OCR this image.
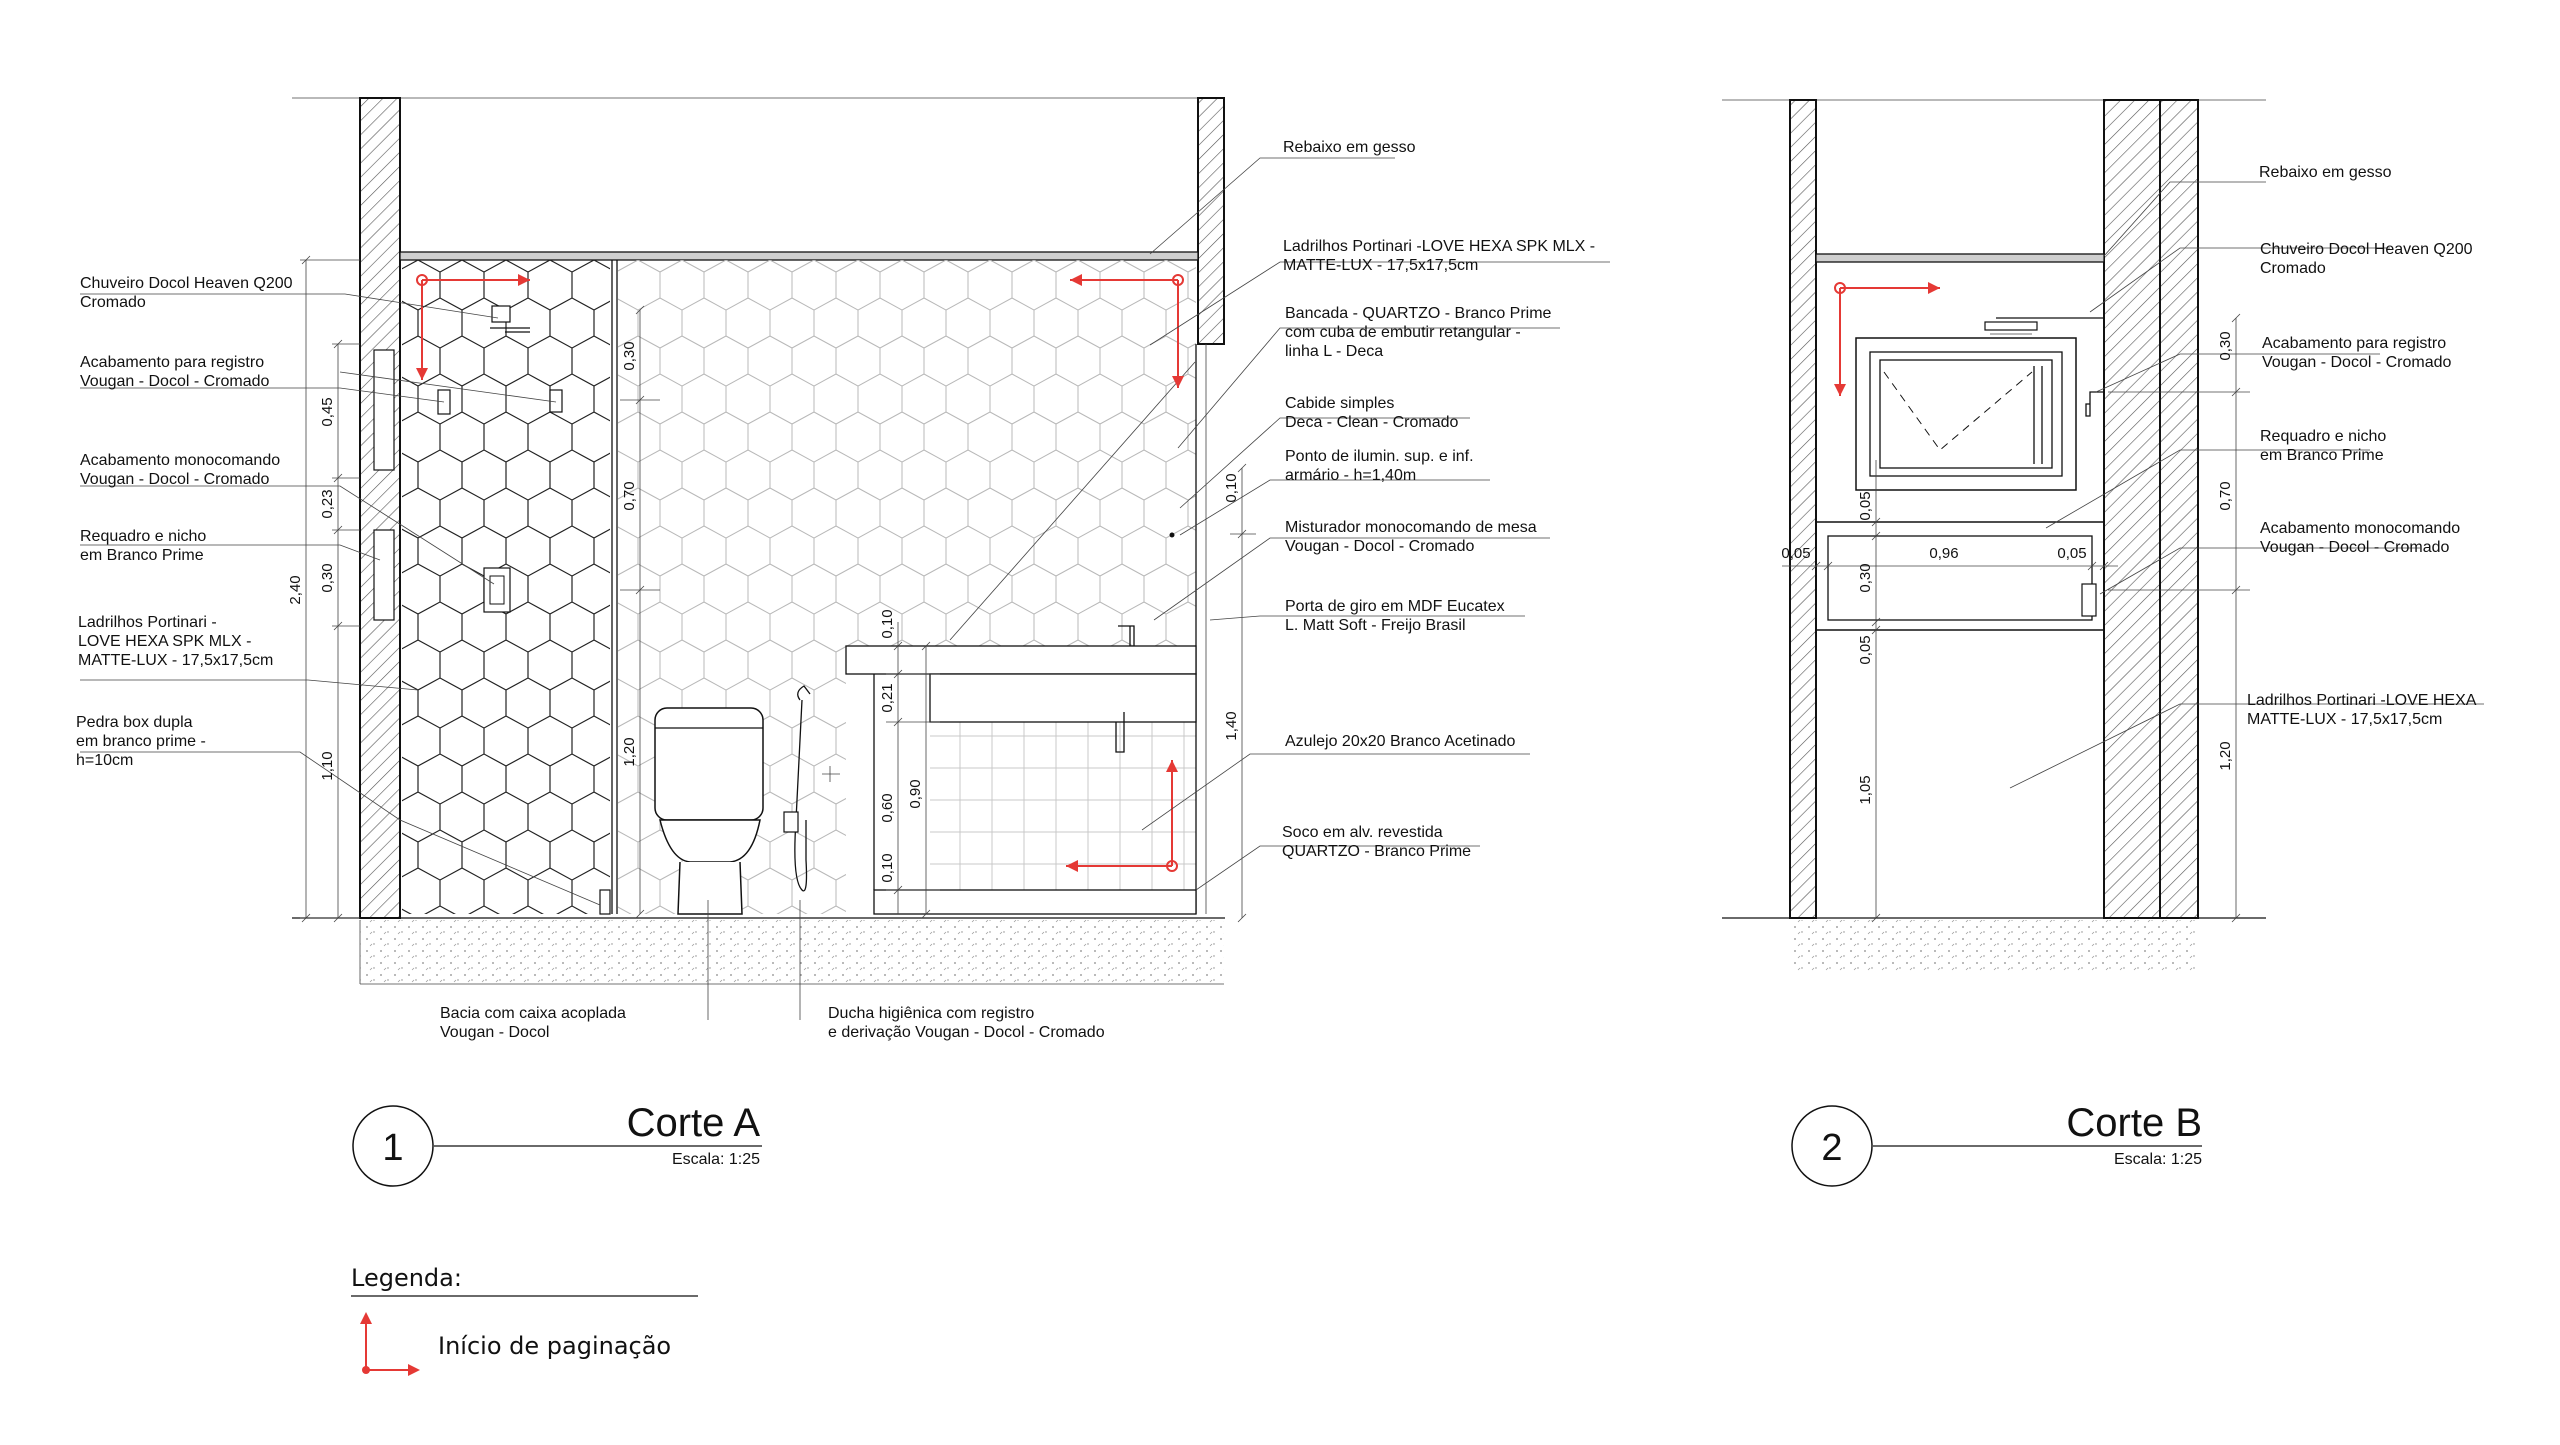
Chuveiro Docol Heaven Q200 Cromado
Acabamento para registro Vougan - Docol - Cromado
Acabamento monocomando Vougan - Docol - Cromado
Requadro e nicho em Branco Prime
Ladrilhos Portinari -LOVE HEXA SPK MLX -MATTE-LUX - 17,5x17,5cm
Pedra box dupla em branco prime -h=10cm
Rebaixo em gesso
Ladrilhos Portinari -LOVE HEXA SPK MLX -MATTE-LUX - 17,5x17,5cm
Bancada - QUARTZO - Branco Prime com cuba de embutir retangular -linha L - Deca
Cabide simples Deca - Clean - Cromado
Ponto de ilumin. sup. e inf. armário - h=1,40m
Misturador monocomando de mesa Vougan - Docol - Cromado
Porta de giro em MDF Eucatex L. Matt Soft - Freijo Brasil
Azulejo 20x20 Branco Acetinado
Soco em alv. revestida QUARTZO - Branco Prime
Bacia com caixa acoplada Vougan - Docol
Ducha higiênica com registro e derivação Vougan - Docol - Cromado
0,45
0,23
0,30
2,40
1,10
0,30
0,70
1,20
0,10
0,21
0,60 0,90
0,10
0,10
1,40
1
Corte A
Escala: 1:25
Rebaixo em gesso
Chuveiro Docol Heaven Q200 Cromado
Acabamento para registro Vougan - Docol - Cromado
Requadro e nicho em Branco Prime
Acabamento monocomando Vougan - Docol - Cromado
Ladrilhos Portinari -LOVE HEXA MATTE-LUX - 17,5x17,5cm
0,05	0,96	0,05
0,05
0,30
0,05
1,05
0,30
0,70
1,20
2
Corte B
Escala: 1:25
Legenda:
Início de paginação
